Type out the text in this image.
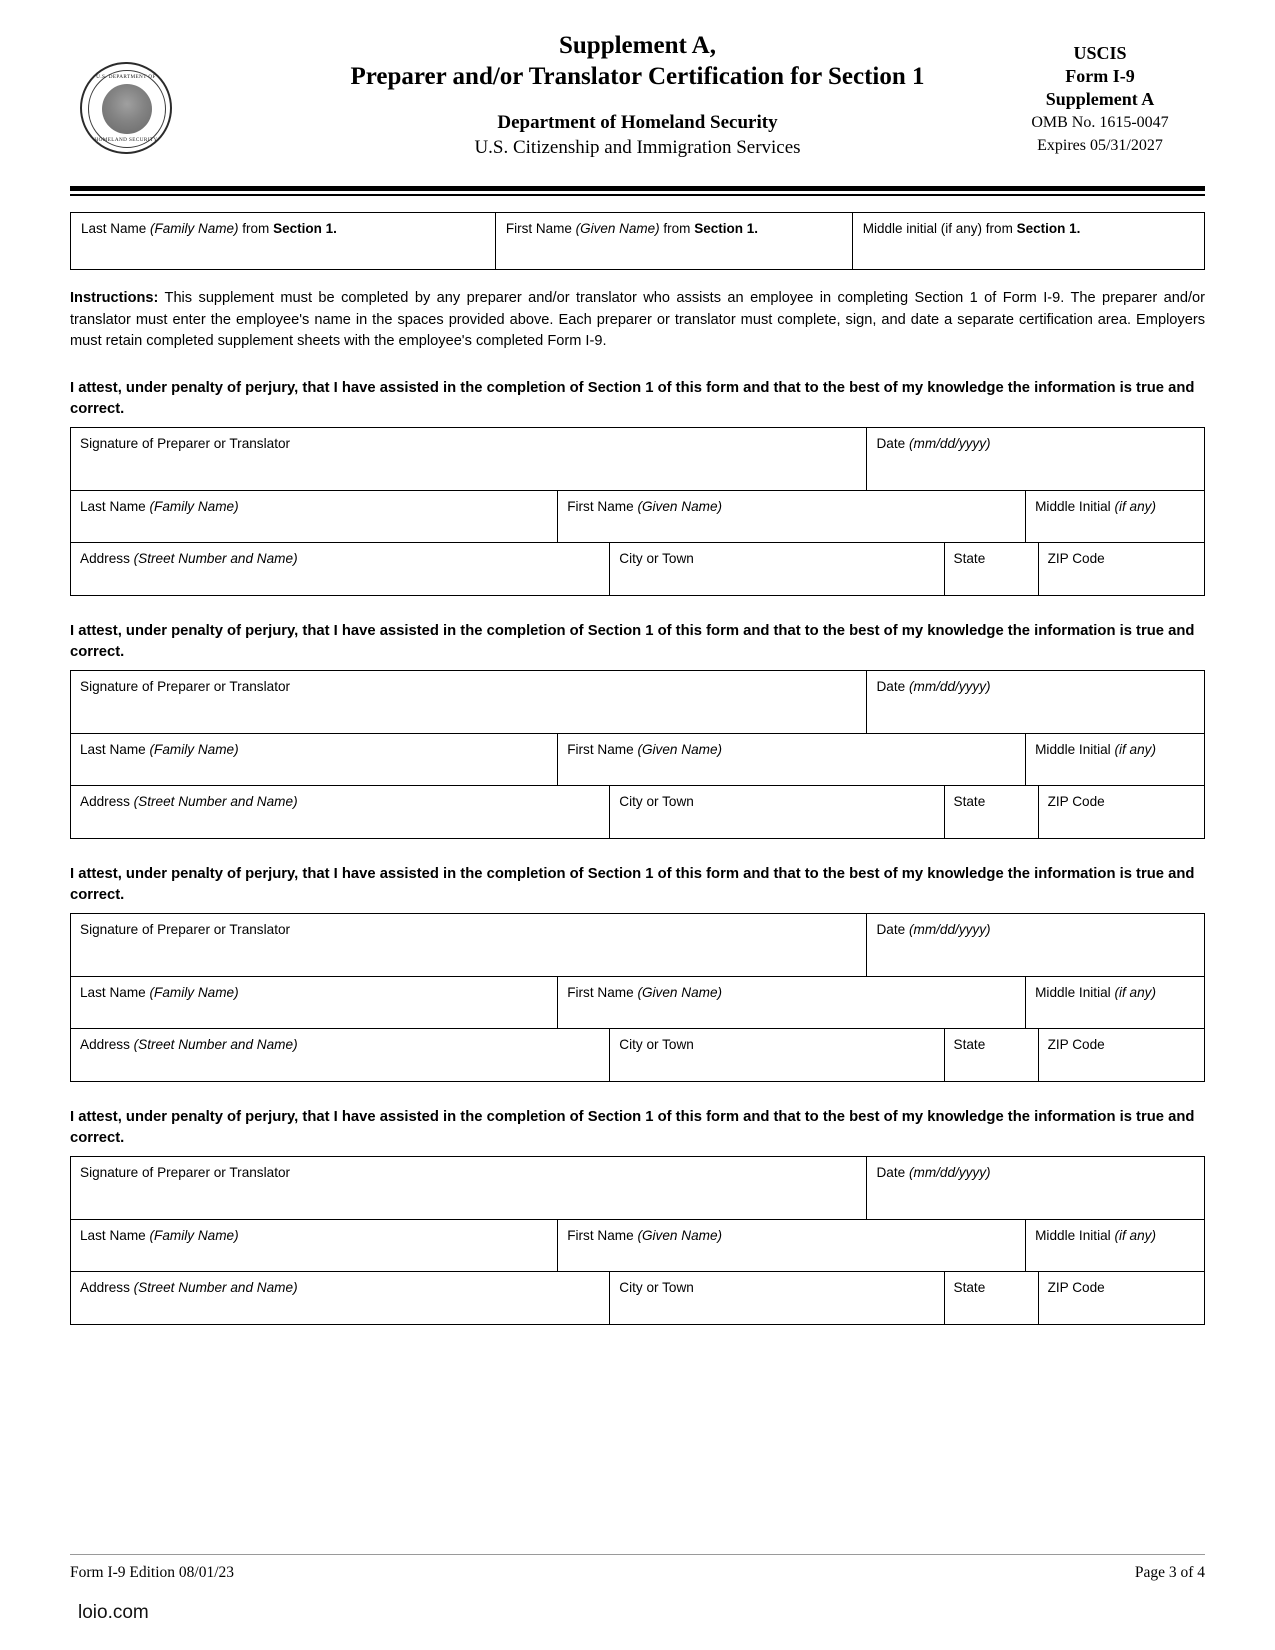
U.S. DEPARTMENT OF
HOMELAND SECURITY
Supplement A,
Preparer and/or Translator Certification for Section 1
Department of Homeland Security
U.S. Citizenship and Immigration Services
USCIS
Form I-9
Supplement A
OMB No. 1615-0047
Expires 05/31/2027
Last Name (Family Name) from Section 1.	First Name (Given Name) from Section 1.	Middle initial (if any) from Section 1.
Instructions: This supplement must be completed by any preparer and/or translator who assists an employee in completing Section 1 of Form I-9. The preparer and/or translator must enter the employee's name in the spaces provided above. Each preparer or translator must complete, sign, and date a separate certification area. Employers must retain completed supplement sheets with the employee's completed Form I-9.
I attest, under penalty of perjury, that I have assisted in the completion of Section 1 of this form and that to the best of my knowledge the information is true and correct.
Signature of Preparer or Translator	Date (mm/dd/yyyy)
Last Name (Family Name)	First Name (Given Name)	Middle Initial (if any)
Address (Street Number and Name)	City or Town	State	ZIP Code
I attest, under penalty of perjury, that I have assisted in the completion of Section 1 of this form and that to the best of my knowledge the information is true and correct.
Signature of Preparer or Translator	Date (mm/dd/yyyy)
Last Name (Family Name)	First Name (Given Name)	Middle Initial (if any)
Address (Street Number and Name)	City or Town	State	ZIP Code
I attest, under penalty of perjury, that I have assisted in the completion of Section 1 of this form and that to the best of my knowledge the information is true and correct.
Signature of Preparer or Translator	Date (mm/dd/yyyy)
Last Name (Family Name)	First Name (Given Name)	Middle Initial (if any)
Address (Street Number and Name)	City or Town	State	ZIP Code
I attest, under penalty of perjury, that I have assisted in the completion of Section 1 of this form and that to the best of my knowledge the information is true and correct.
Signature of Preparer or Translator	Date (mm/dd/yyyy)
Last Name (Family Name)	First Name (Given Name)	Middle Initial (if any)
Address (Street Number and Name)	City or Town	State	ZIP Code
Form I-9 Edition 08/01/23	Page 3 of 4
loio.com
